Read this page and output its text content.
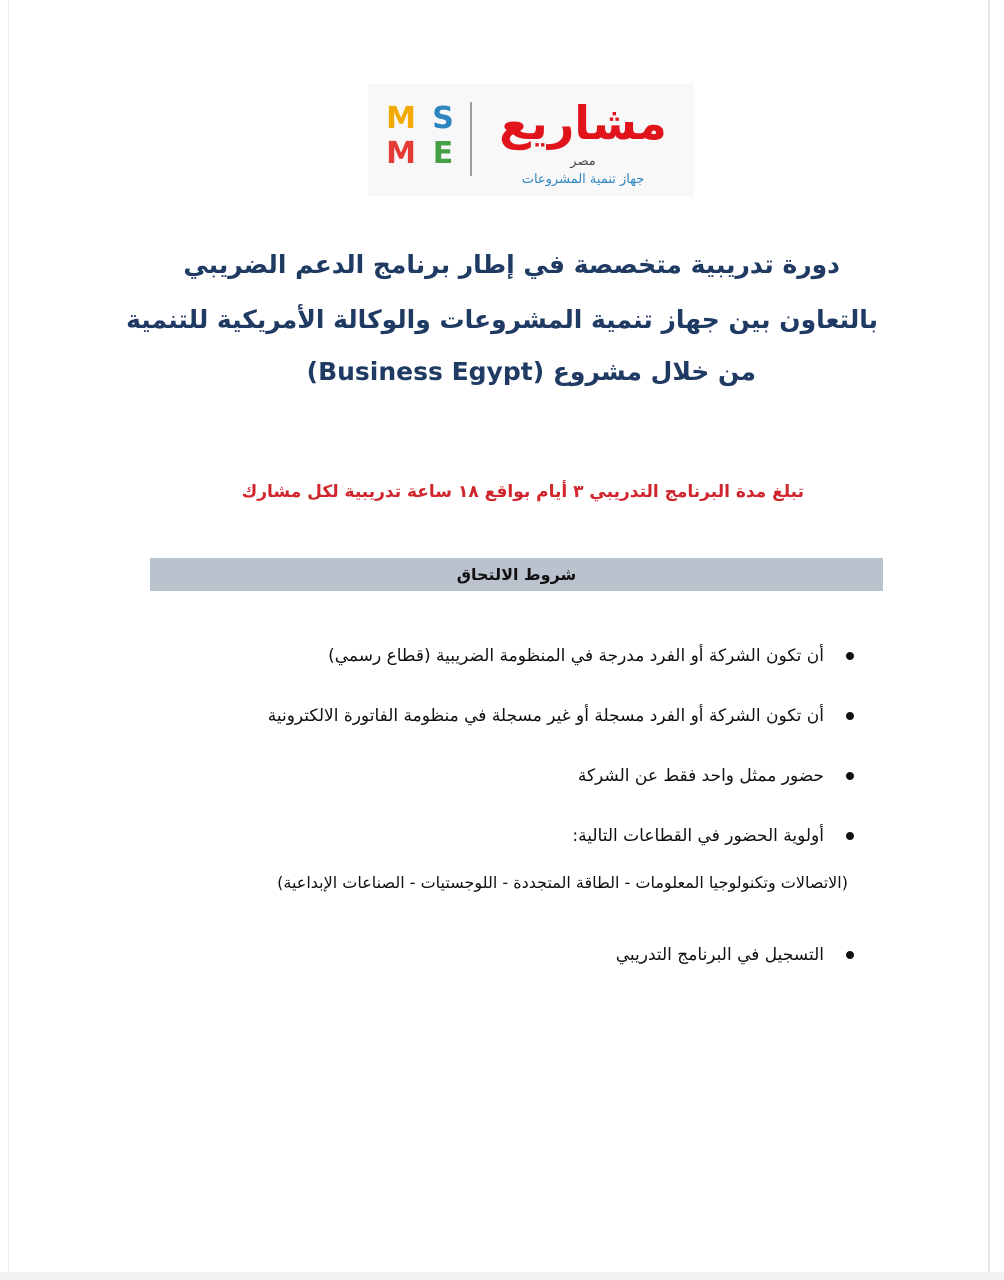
M S
M E
مشاريع
مصر
جهاز تنمية المشروعات
دورة تدريبية متخصصة في إطار برنامج الدعم الضريبي
بالتعاون بين جهاز تنمية المشروعات والوكالة الأمريكية للتنمية
من خلال مشروع (Business Egypt)
تبلغ مدة البرنامج التدريبي ٣ أيام بواقع ١٨ ساعة تدريبية لكل مشارك
شروط الالتحاق
أن تكون الشركة أو الفرد مدرجة في المنظومة الضريبية (قطاع رسمي)
أن تكون الشركة أو الفرد مسجلة أو غير مسجلة في منظومة الفاتورة الالكترونية
حضور ممثل واحد فقط عن الشركة
أولوية الحضور في القطاعات التالية:
(الاتصالات وتكنولوجيا المعلومات - الطاقة المتجددة - اللوجستيات - الصناعات الإبداعية)
التسجيل في البرنامج التدريبي
